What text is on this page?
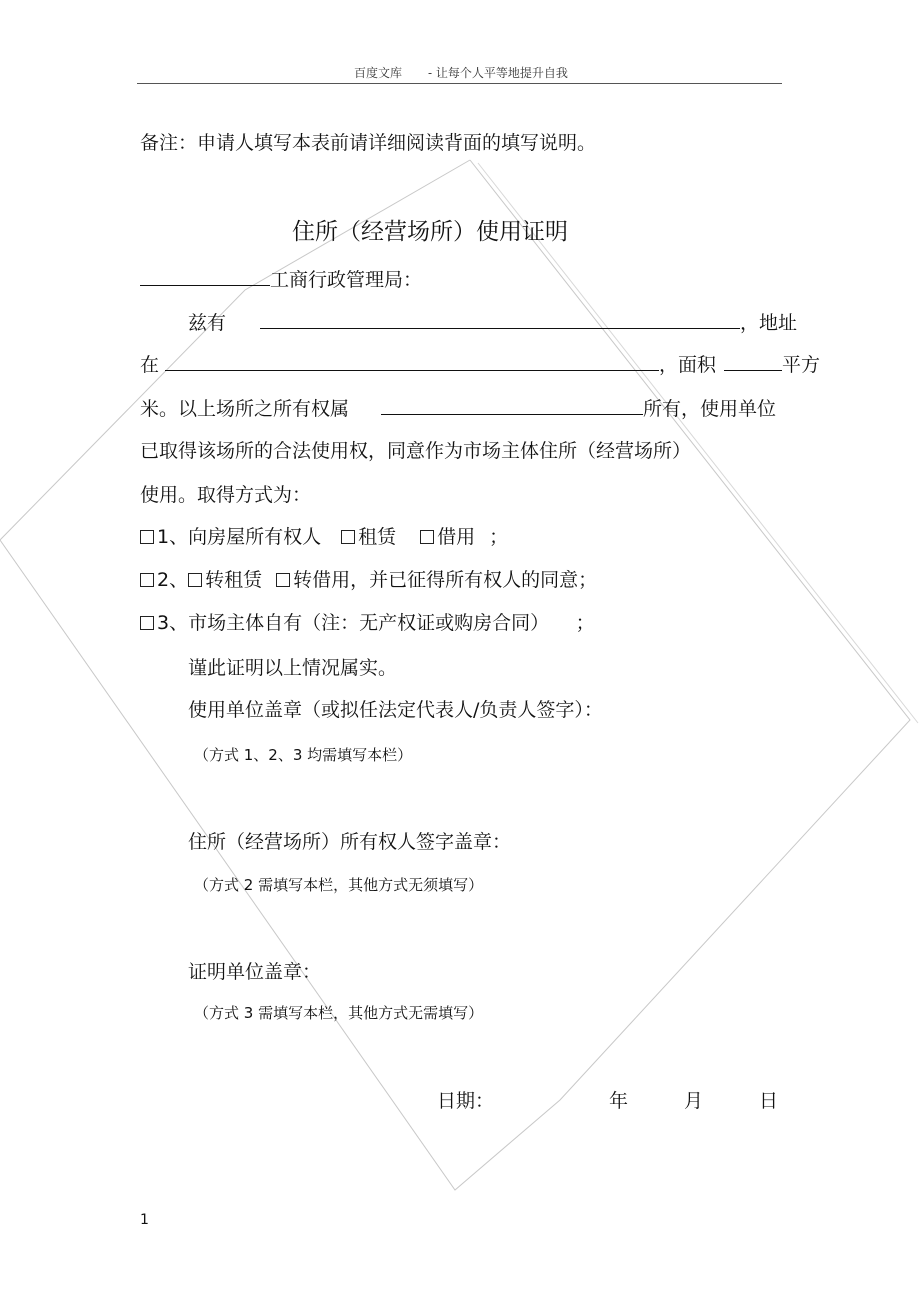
百度文库 - 让每个人平等地提升自我
备注：申请人填写本表前请详细阅读背面的填写说明。
住所（经营场所）使用证明
工商行政管理局：
兹有	，地址
在	，面积	平方
米。以上场所之所有权属	所有，使用单位
已取得该场所的合法使用权，同意作为市场主体住所（经营场所）
使用。取得方式为：
1、向房屋所有权人 租赁 借用 ；
2、 转租赁 转借用，并已征得所有权人的同意；
3、市场主体自有（注：无产权证或购房合同） ；
谨此证明以上情况属实。
使用单位盖章（或拟任法定代表人/负责人签字）：
（方式 1、2、3 均需填写本栏）
住所（经营场所）所有权人签字盖章：
（方式 2 需填写本栏，其他方式无须填写）
证明单位盖章：
（方式 3 需填写本栏，其他方式无需填写）
日期：	年	月	日
1
